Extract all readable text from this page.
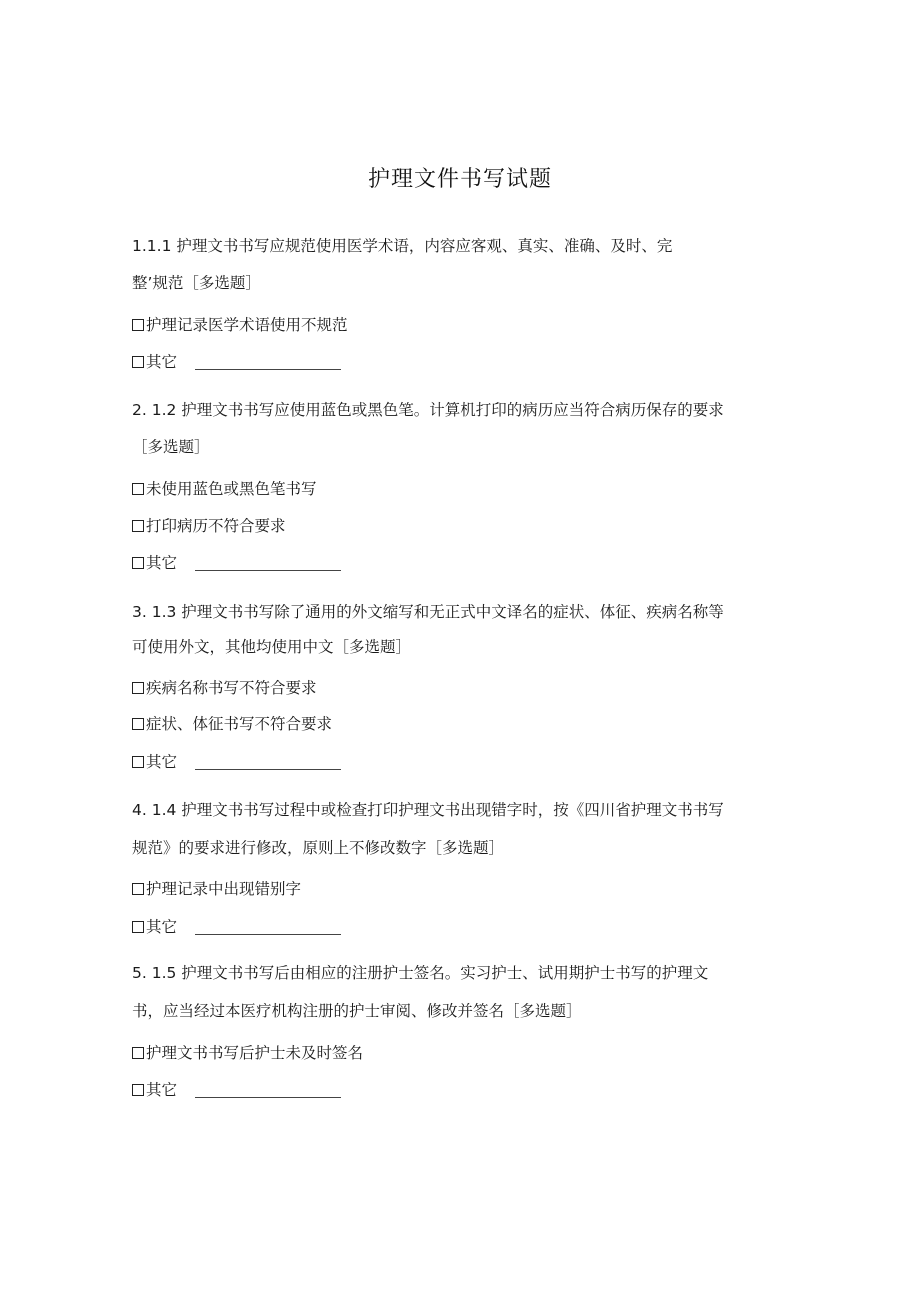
护理文件书写试题
1.1.1 护理文书书写应规范使用医学术语，内容应客观、真实、准确、及时、完
整’规范［多选题］
护理记录医学术语使用不规范
其它
2. 1.2 护理文书书写应使用蓝色或黑色笔。计算机打印的病历应当符合病历保存的要求
［多选题］
未使用蓝色或黑色笔书写
打印病历不符合要求
其它
3. 1.3 护理文书书写除了通用的外文缩写和无正式中文译名的症状、体征、疾病名称等
可使用外文，其他均使用中文［多选题］
疾病名称书写不符合要求
症状、体征书写不符合要求
其它
4. 1.4 护理文书书写过程中或检查打印护理文书出现错字时，按《四川省护理文书书写
规范》的要求进行修改，原则上不修改数字［多选题］
护理记录中出现错别字
其它
5. 1.5 护理文书书写后由相应的注册护士签名。实习护士、试用期护士书写的护理文
书，应当经过本医疗机构注册的护士审阅、修改并签名［多选题］
护理文书书写后护士未及时签名
其它
